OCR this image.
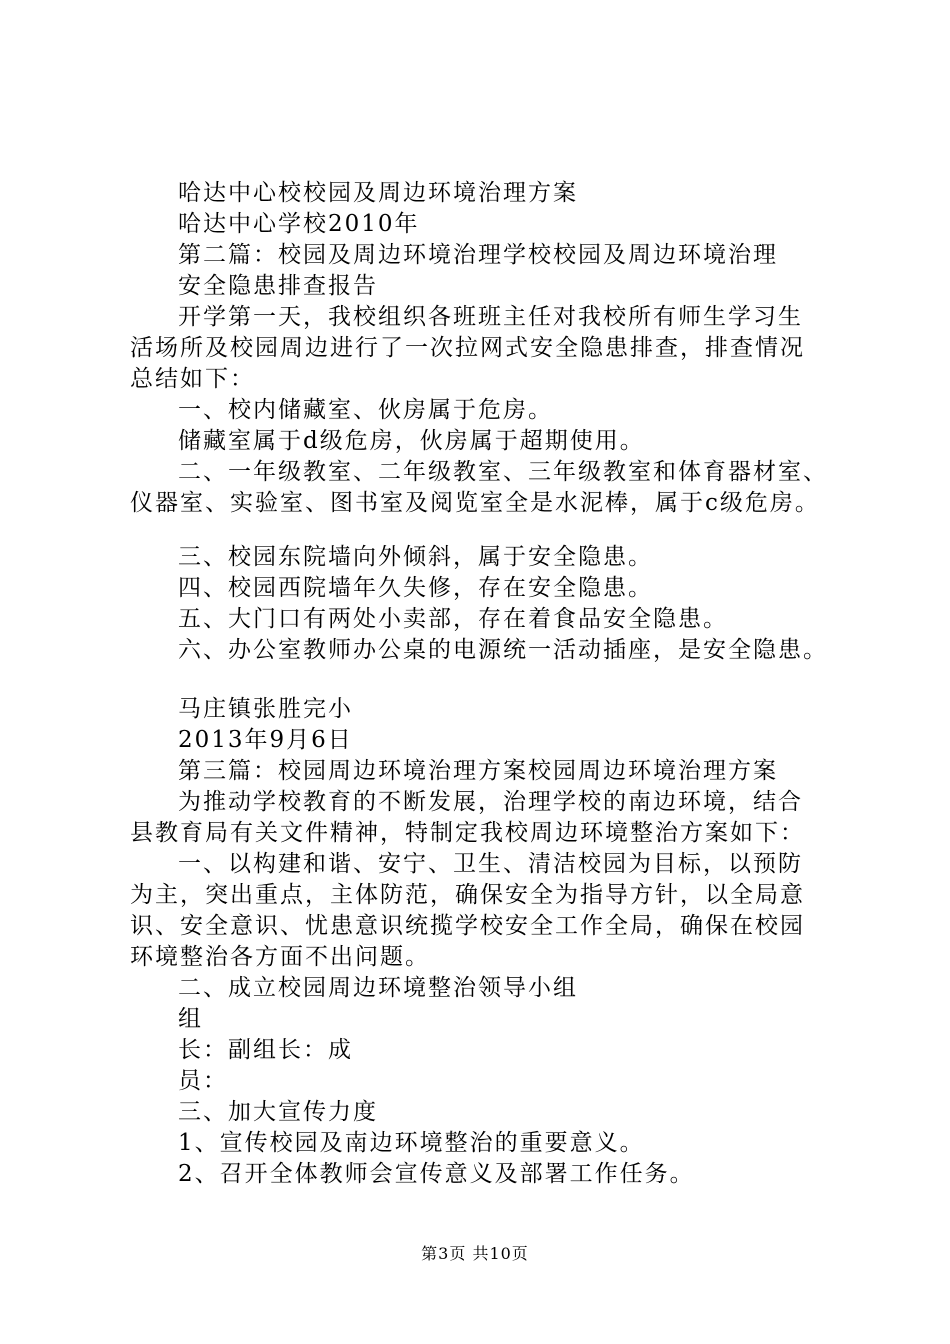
哈达中心校校园及周边环境治理方案
哈达中心学校2010年
第二篇：校园及周边环境治理学校校园及周边环境治理
安全隐患排查报告
开学第一天，我校组织各班班主任对我校所有师生学习生
活场所及校园周边进行了一次拉网式安全隐患排查，排查情况
总结如下：
一、校内储藏室、伙房属于危房。
储藏室属于d级危房，伙房属于超期使用。
二、一年级教室、二年级教室、三年级教室和体育器材室、
仪器室、实验室、图书室及阅览室全是水泥棒，属于c级危房。
三、校园东院墙向外倾斜，属于安全隐患。
四、校园西院墙年久失修，存在安全隐患。
五、大门口有两处小卖部，存在着食品安全隐患。
六、办公室教师办公桌的电源统一活动插座，是安全隐患。
马庄镇张胜完小
2013年9月6日
第三篇：校园周边环境治理方案校园周边环境治理方案
为推动学校教育的不断发展，治理学校的南边环境，结合
县教育局有关文件精神，特制定我校周边环境整治方案如下：
一、以构建和谐、安宁、卫生、清洁校园为目标，以预防
为主，突出重点，主体防范，确保安全为指导方针，以全局意
识、安全意识、忧患意识统揽学校安全工作全局，确保在校园
环境整治各方面不出问题。
二、成立校园周边环境整治领导小组
组
长：副组长：成
员：
三、加大宣传力度
1、宣传校园及南边环境整治的重要意义。
2、召开全体教师会宣传意义及部署工作任务。
第3页 共10页
